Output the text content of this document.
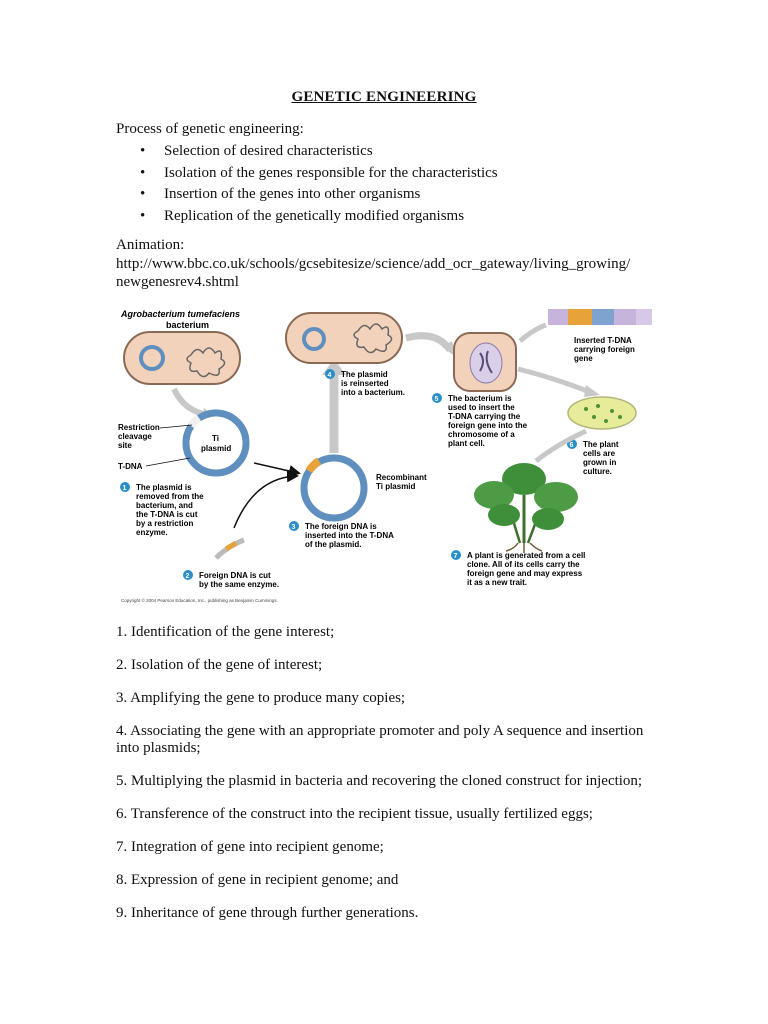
GENETIC ENGINEERING
Process of genetic engineering:
• Selection of desired characteristics
• Isolation of the genes responsible for the characteristics
• Insertion of the genes into other organisms
• Replication of the genetically modified organisms
Animation:
http://www.bbc.co.uk/schools/gcsebitesize/science/add_ocr_gateway/living_growing/
newgenesrev4.shtml
Agrobacterium tumefaciens
bacterium
Ti
plasmid
Restriction
cleavage
site
T-DNA
1 The plasmid is
removed from the
bacterium, and
the T-DNA is cut
by a restriction
enzyme.
2 Foreign DNA is cut
by the same enzyme.
Recombinant
Ti plasmid
3 The foreign DNA is
inserted into the T-DNA
of the plasmid.
4 The plasmid
is reinserted
into a bacterium.
5 The bacterium is
used to insert the
T-DNA carrying the
foreign gene into the
chromosome of a
plant cell.
Inserted T-DNA
carrying foreign
gene
6 The plant
cells are
grown in
culture.
7 A plant is generated from a cell
clone. All of its cells carry the
foreign gene and may express
it as a new trait.
Copyright © 2004 Pearson Education, Inc., publishing as Benjamin Cummings.
1. Identification of the gene interest;
2. Isolation of the gene of interest;
3. Amplifying the gene to produce many copies;
4. Associating the gene with an appropriate promoter and poly A sequence and insertion into plasmids;
5. Multiplying the plasmid in bacteria and recovering the cloned construct for injection;
6. Transference of the construct into the recipient tissue, usually fertilized eggs;
7. Integration of gene into recipient genome;
8. Expression of gene in recipient genome; and
9. Inheritance of gene through further generations.
